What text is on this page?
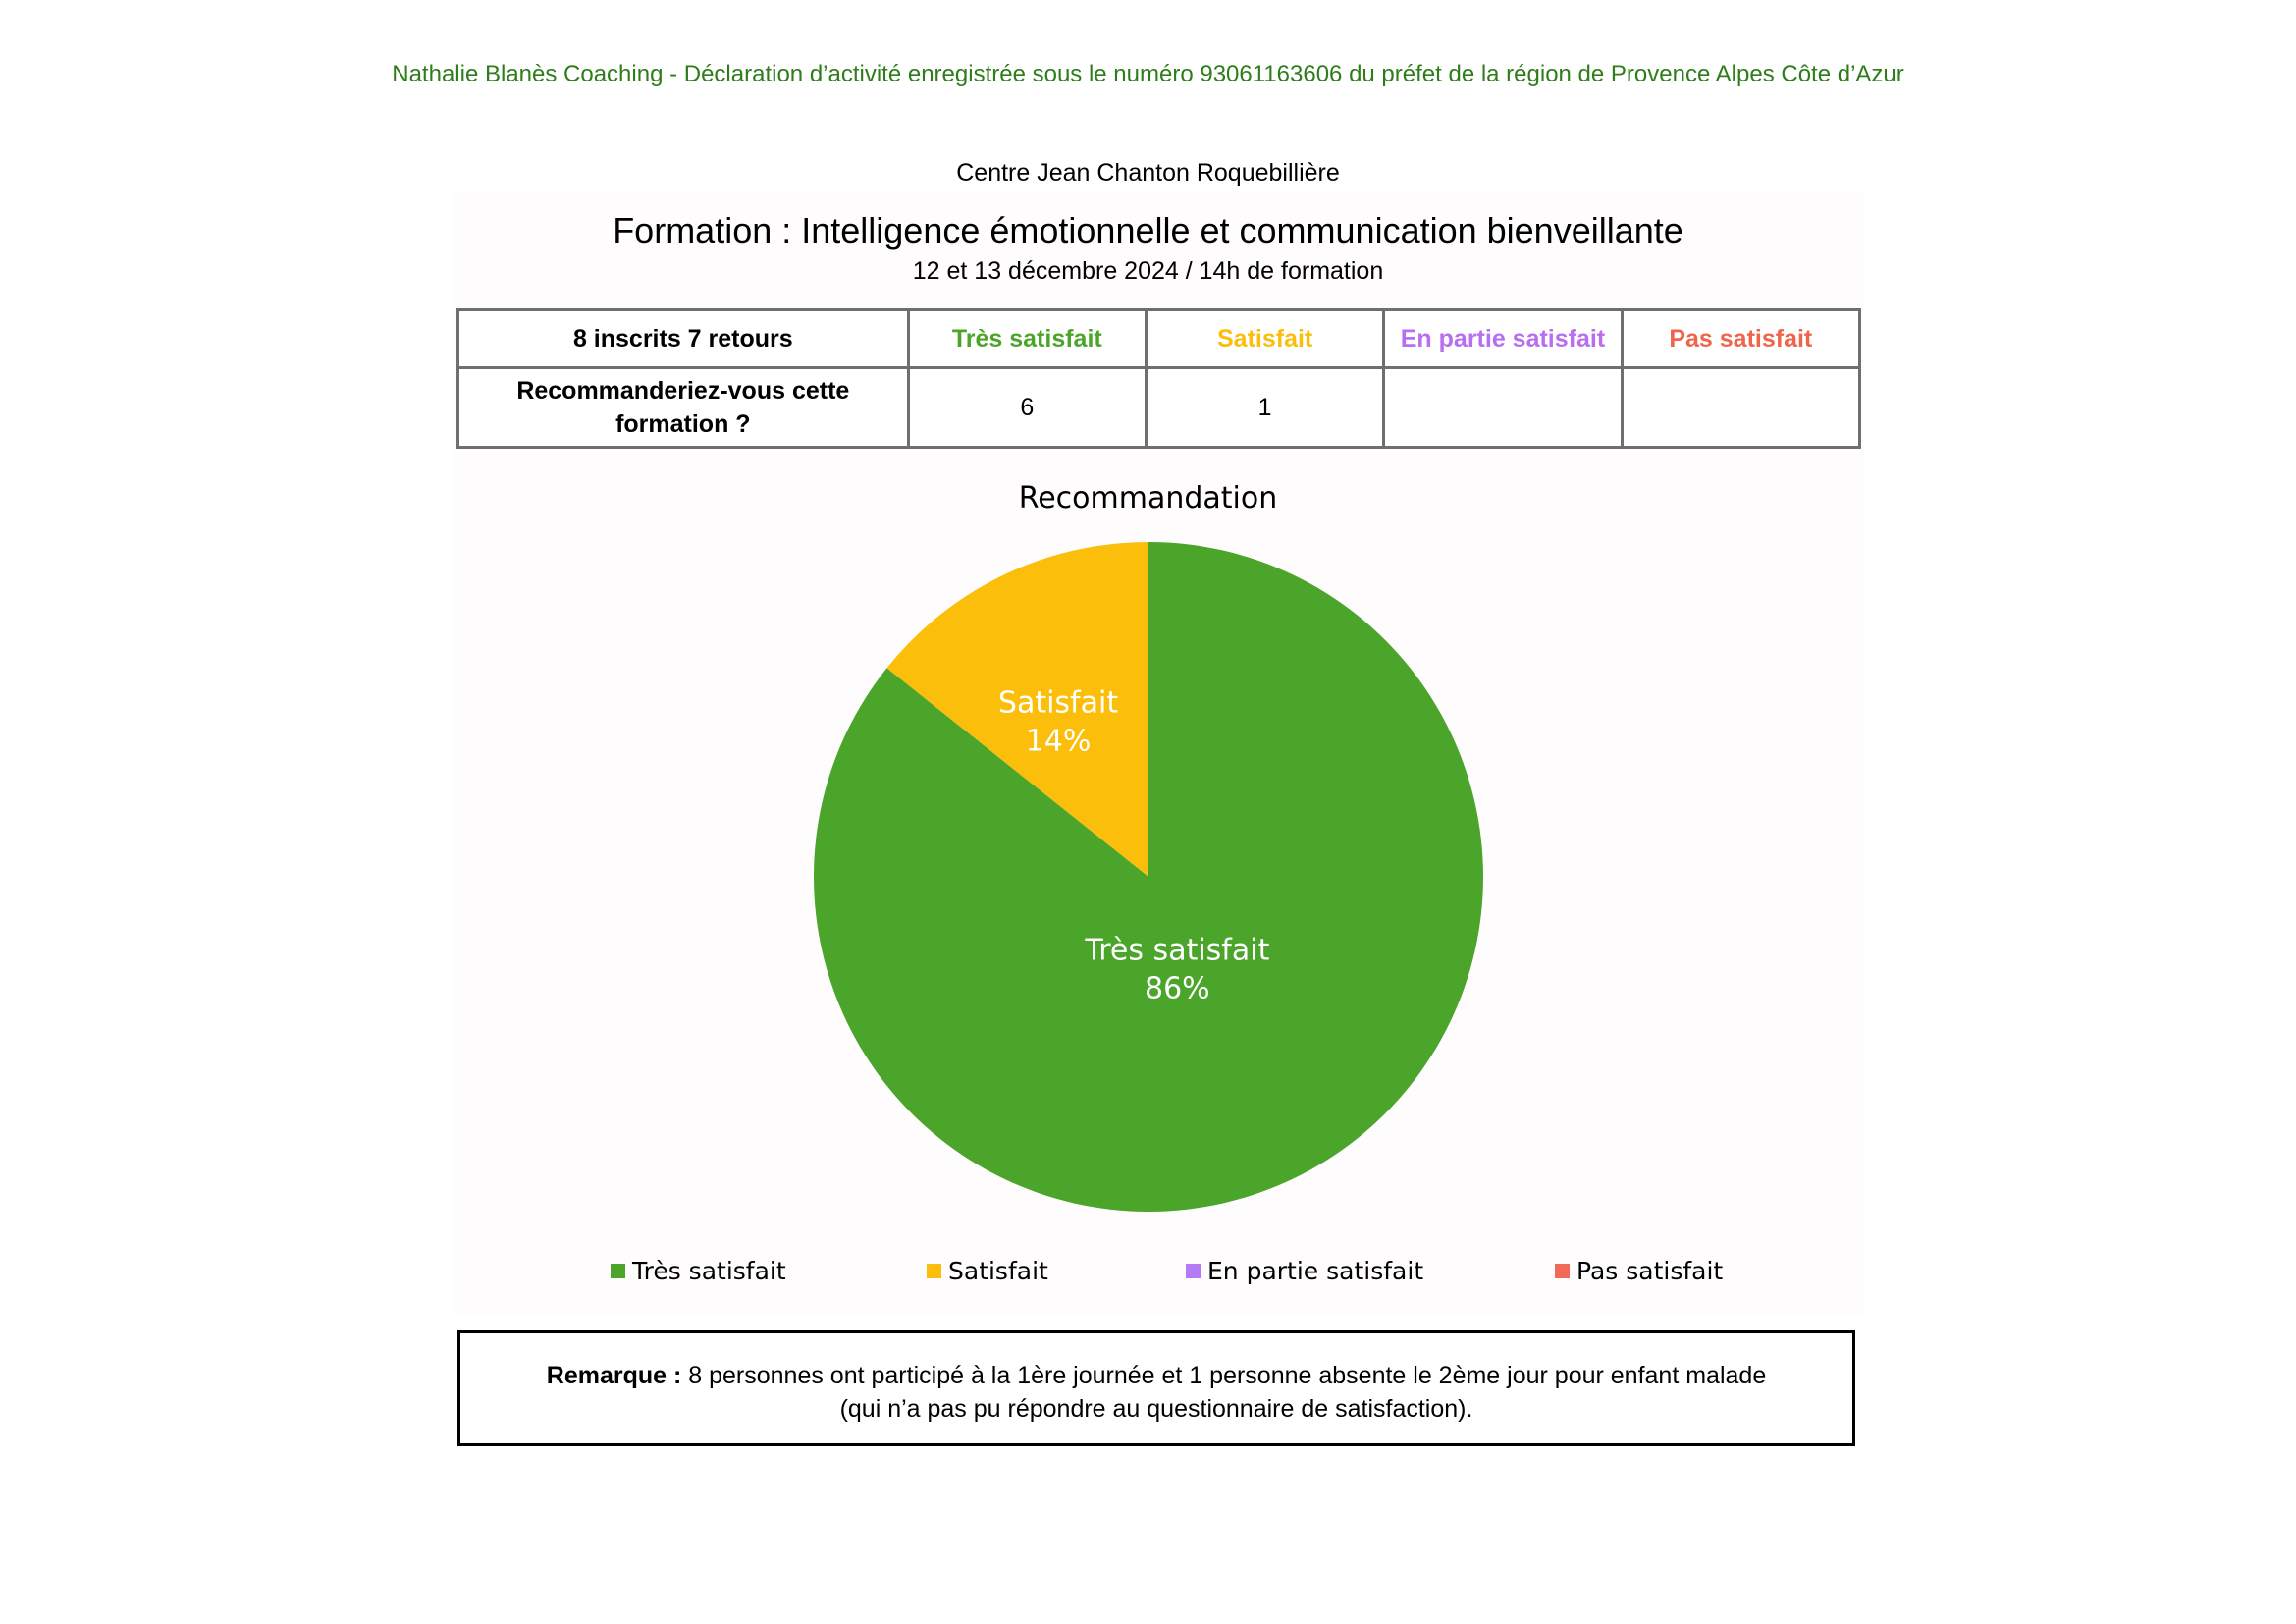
Nathalie Blanès Coaching - Déclaration d’activité enregistrée sous le numéro 93061163606 du préfet de la région de Provence Alpes Côte d’Azur
Centre Jean Chanton Roquebillière
Formation : Intelligence émotionnelle et communication bienveillante
12 et 13 décembre 2024 / 14h de formation
8 inscrits 7 retours	Très satisfait	Satisfait	En partie satisfait	Pas satisfait
Recommanderiez-vous cette formation ?	6	1		
Recommandation
Satisfait
14%
Très satisfait
86%
Très satisfait	Satisfait	En partie satisfait	Pas satisfait
Remarque : 8 personnes ont participé à la 1ère journée et 1 personne absente le 2ème jour pour enfant malade
(qui n’a pas pu répondre au questionnaire de satisfaction).
